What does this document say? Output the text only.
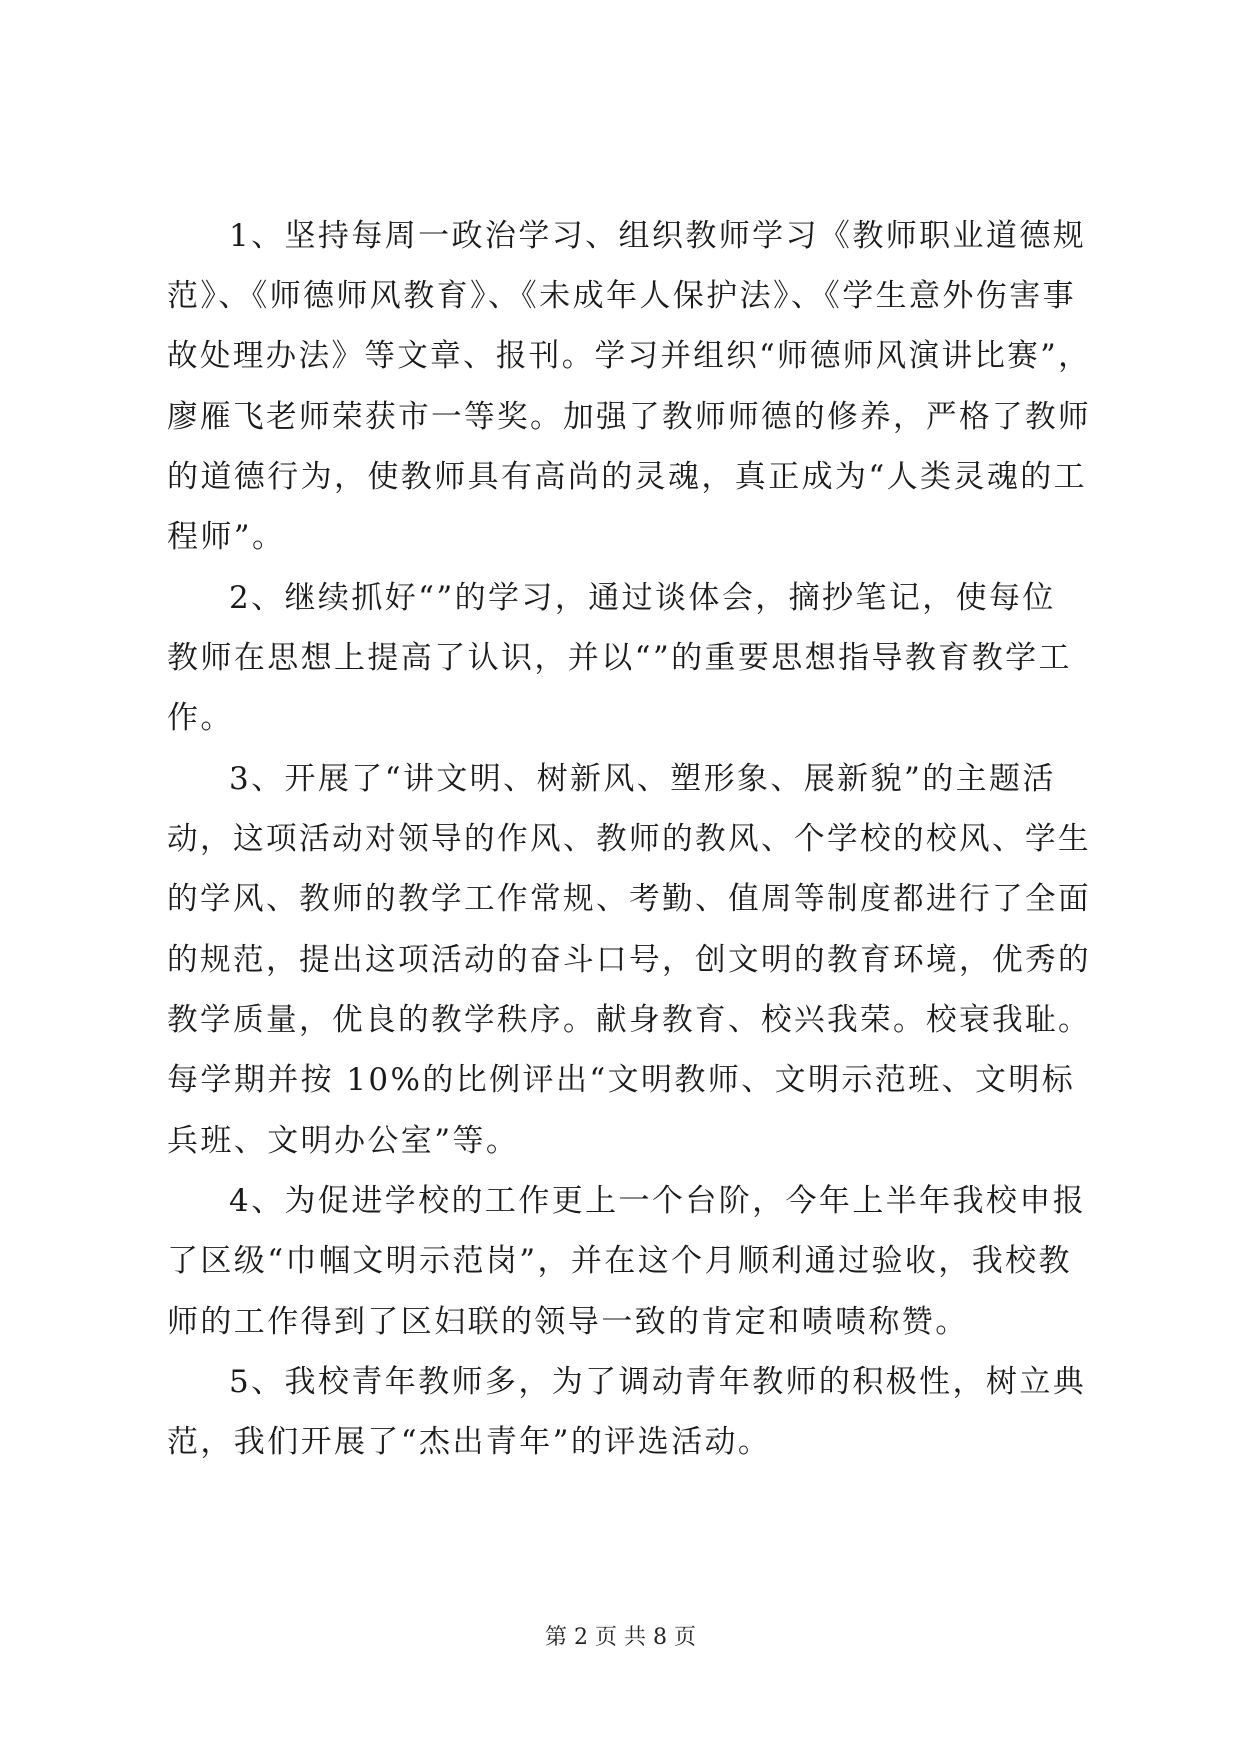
1、坚持每周一政治学习、组织教师学习《教师职业道德规

范》、《师德师风教育》、《未成年人保护法》、《学生意外伤害事

故处理办法》等文章、报刊。学习并组织“师德师风演讲比赛”，

廖雁飞老师荣获市一等奖。加强了教师师德的修养，严格了教师

的道德行为，使教师具有高尚的灵魂，真正成为“人类灵魂的工

程师”。

2、继续抓好“”的学习，通过谈体会，摘抄笔记，使每位

教师在思想上提高了认识，并以“”的重要思想指导教育教学工

作。

3、开展了“讲文明、树新风、塑形象、展新貌”的主题活

动，这项活动对领导的作风、教师的教风、个学校的校风、学生

的学风、教师的教学工作常规、考勤、值周等制度都进行了全面

的规范，提出这项活动的奋斗口号，创文明的教育环境，优秀的

教学质量，优良的教学秩序。献身教育、校兴我荣。校衰我耻。

每学期并按 10%的比例评出“文明教师、文明示范班、文明标

兵班、文明办公室”等。

4、为促进学校的工作更上一个台阶，今年上半年我校申报

了区级“巾帼文明示范岗”，并在这个月顺利通过验收，我校教

师的工作得到了区妇联的领导一致的肯定和啧啧称赞。

5、我校青年教师多，为了调动青年教师的积极性，树立典

范，我们开展了“杰出青年”的评选活动。

第 2 页 共 8 页
